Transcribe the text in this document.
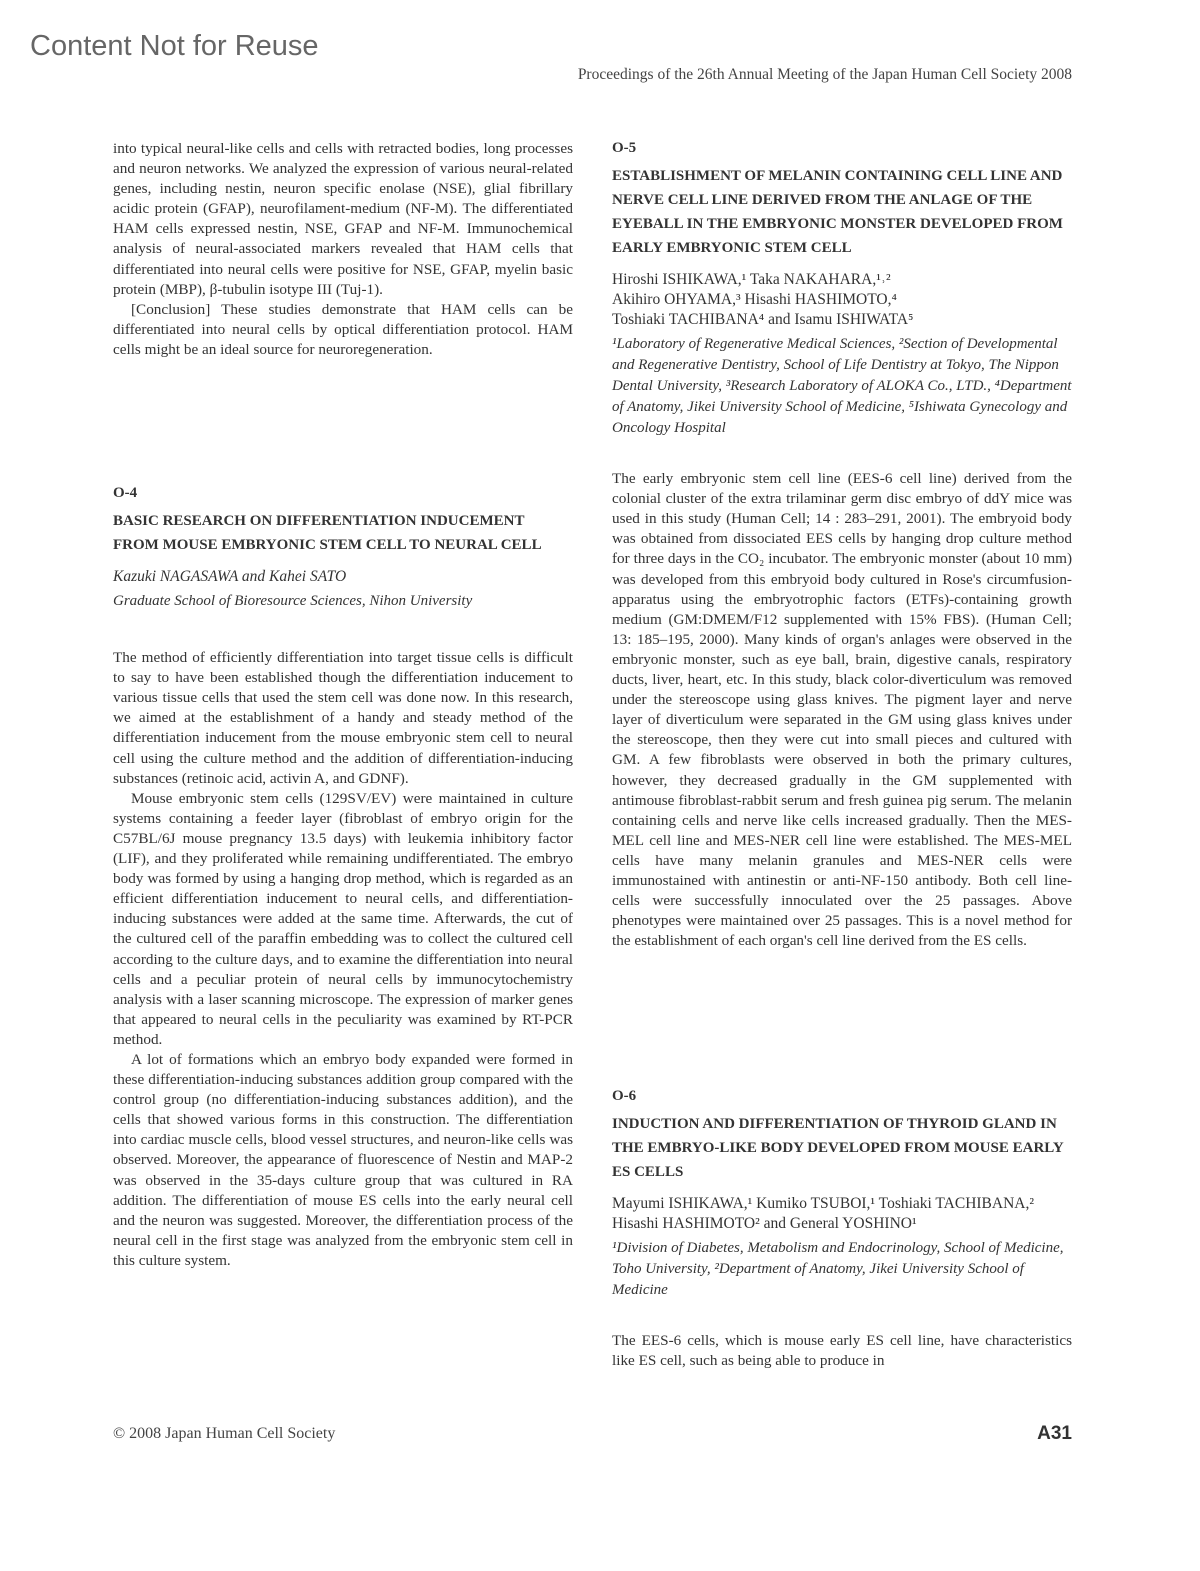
Content Not for Reuse
Proceedings of the 26th Annual Meeting of the Japan Human Cell Society 2008

into typical neural-like cells and cells with retracted bodies, long processes and neuron networks. We analyzed the expression of various neural-related genes, including nestin, neuron specific enolase (NSE), glial fibrillary acidic protein (GFAP), neurofilament-medium (NF-M). The differentiated HAM cells expressed nestin, NSE, GFAP and NF-M. Immunochemical analysis of neural-associated markers revealed that HAM cells that differentiated into neural cells were positive for NSE, GFAP, myelin basic protein (MBP), β-tubulin isotype III (Tuj-1).

[Conclusion] These studies demonstrate that HAM cells can be differentiated into neural cells by optical differentiation protocol. HAM cells might be an ideal source for neuroregeneration.

O-4
BASIC RESEARCH ON DIFFERENTIATION INDUCEMENT FROM MOUSE EMBRYONIC STEM CELL TO NEURAL CELL
Kazuki NAGASAWA and Kahei SATO
Graduate School of Bioresource Sciences, Nihon University

The method of efficiently differentiation into target tissue cells is difficult to say to have been established though the differentiation inducement to various tissue cells that used the stem cell was done now. In this research, we aimed at the establishment of a handy and steady method of the differentiation inducement from the mouse embryonic stem cell to neural cell using the culture method and the addition of differentiation-inducing substances (retinoic acid, activin A, and GDNF).

Mouse embryonic stem cells (129SV/EV) were maintained in culture systems containing a feeder layer (fibroblast of embryo origin for the C57BL/6J mouse pregnancy 13.5 days) with leukemia inhibitory factor (LIF), and they proliferated while remaining undifferentiated. The embryo body was formed by using a hanging drop method, which is regarded as an efficient differentiation inducement to neural cells, and differentiation-inducing substances were added at the same time. Afterwards, the cut of the cultured cell of the paraffin embedding was to collect the cultured cell according to the culture days, and to examine the differentiation into neural cells and a peculiar protein of neural cells by immunocytochemistry analysis with a laser scanning microscope. The expression of marker genes that appeared to neural cells in the peculiarity was examined by RT-PCR method.

A lot of formations which an embryo body expanded were formed in these differentiation-inducing substances addition group compared with the control group (no differentiation-inducing substances addition), and the cells that showed various forms in this construction. The differentiation into cardiac muscle cells, blood vessel structures, and neuron-like cells was observed. Moreover, the appearance of fluorescence of Nestin and MAP-2 was observed in the 35-days culture group that was cultured in RA addition. The differentiation of mouse ES cells into the early neural cell and the neuron was suggested. Moreover, the differentiation process of the neural cell in the first stage was analyzed from the embryonic stem cell in this culture system.

O-5
ESTABLISHMENT OF MELANIN CONTAINING CELL LINE AND NERVE CELL LINE DERIVED FROM THE ANLAGE OF THE EYEBALL IN THE EMBRYONIC MONSTER DEVELOPED FROM EARLY EMBRYONIC STEM CELL
Hiroshi ISHIKAWA,¹ Taka NAKAHARA,¹˒²
Akihiro OHYAMA,³ Hisashi HASHIMOTO,⁴
Toshiaki TACHIBANA⁴ and Isamu ISHIWATA⁵
¹Laboratory of Regenerative Medical Sciences, ²Section of Developmental and Regenerative Dentistry, School of Life Dentistry at Tokyo, The Nippon Dental University, ³Research Laboratory of ALOKA Co., LTD., ⁴Department of Anatomy, Jikei University School of Medicine, ⁵Ishiwata Gynecology and Oncology Hospital

The early embryonic stem cell line (EES-6 cell line) derived from the colonial cluster of the extra trilaminar germ disc embryo of ddY mice was used in this study (Human Cell; 14 : 283–291, 2001). The embryoid body was obtained from dissociated EES cells by hanging drop culture method for three days in the CO₂ incubator. The embryonic monster (about 10 mm) was developed from this embryoid body cultured in Rose's circumfusion-apparatus using the embryotrophic factors (ETFs)-containing growth medium (GM:DMEM/F12 supplemented with 15% FBS). (Human Cell; 13: 185–195, 2000). Many kinds of organ's anlages were observed in the embryonic monster, such as eye ball, brain, digestive canals, respiratory ducts, liver, heart, etc. In this study, black color-diverticulum was removed under the stereoscope using glass knives. The pigment layer and nerve layer of diverticulum were separated in the GM using glass knives under the stereoscope, then they were cut into small pieces and cultured with GM. A few fibroblasts were observed in both the primary cultures, however, they decreased gradually in the GM supplemented with antimouse fibroblast-rabbit serum and fresh guinea pig serum. The melanin containing cells and nerve like cells increased gradually. Then the MES-MEL cell line and MES-NER cell line were established. The MES-MEL cells have many melanin granules and MES-NER cells were immunostained with antinestin or anti-NF-150 antibody. Both cell line-cells were successfully innoculated over the 25 passages. Above phenotypes were maintained over 25 passages. This is a novel method for the establishment of each organ's cell line derived from the ES cells.

O-6
INDUCTION AND DIFFERENTIATION OF THYROID GLAND IN THE EMBRYO-LIKE BODY DEVELOPED FROM MOUSE EARLY ES CELLS
Mayumi ISHIKAWA,¹ Kumiko TSUBOI,¹ Toshiaki TACHIBANA,²
Hisashi HASHIMOTO² and General YOSHINO¹
¹Division of Diabetes, Metabolism and Endocrinology, School of Medicine, Toho University, ²Department of Anatomy, Jikei University School of Medicine

The EES-6 cells, which is mouse early ES cell line, have characteristics like ES cell, such as being able to produce in

© 2008 Japan Human Cell Society	A31
